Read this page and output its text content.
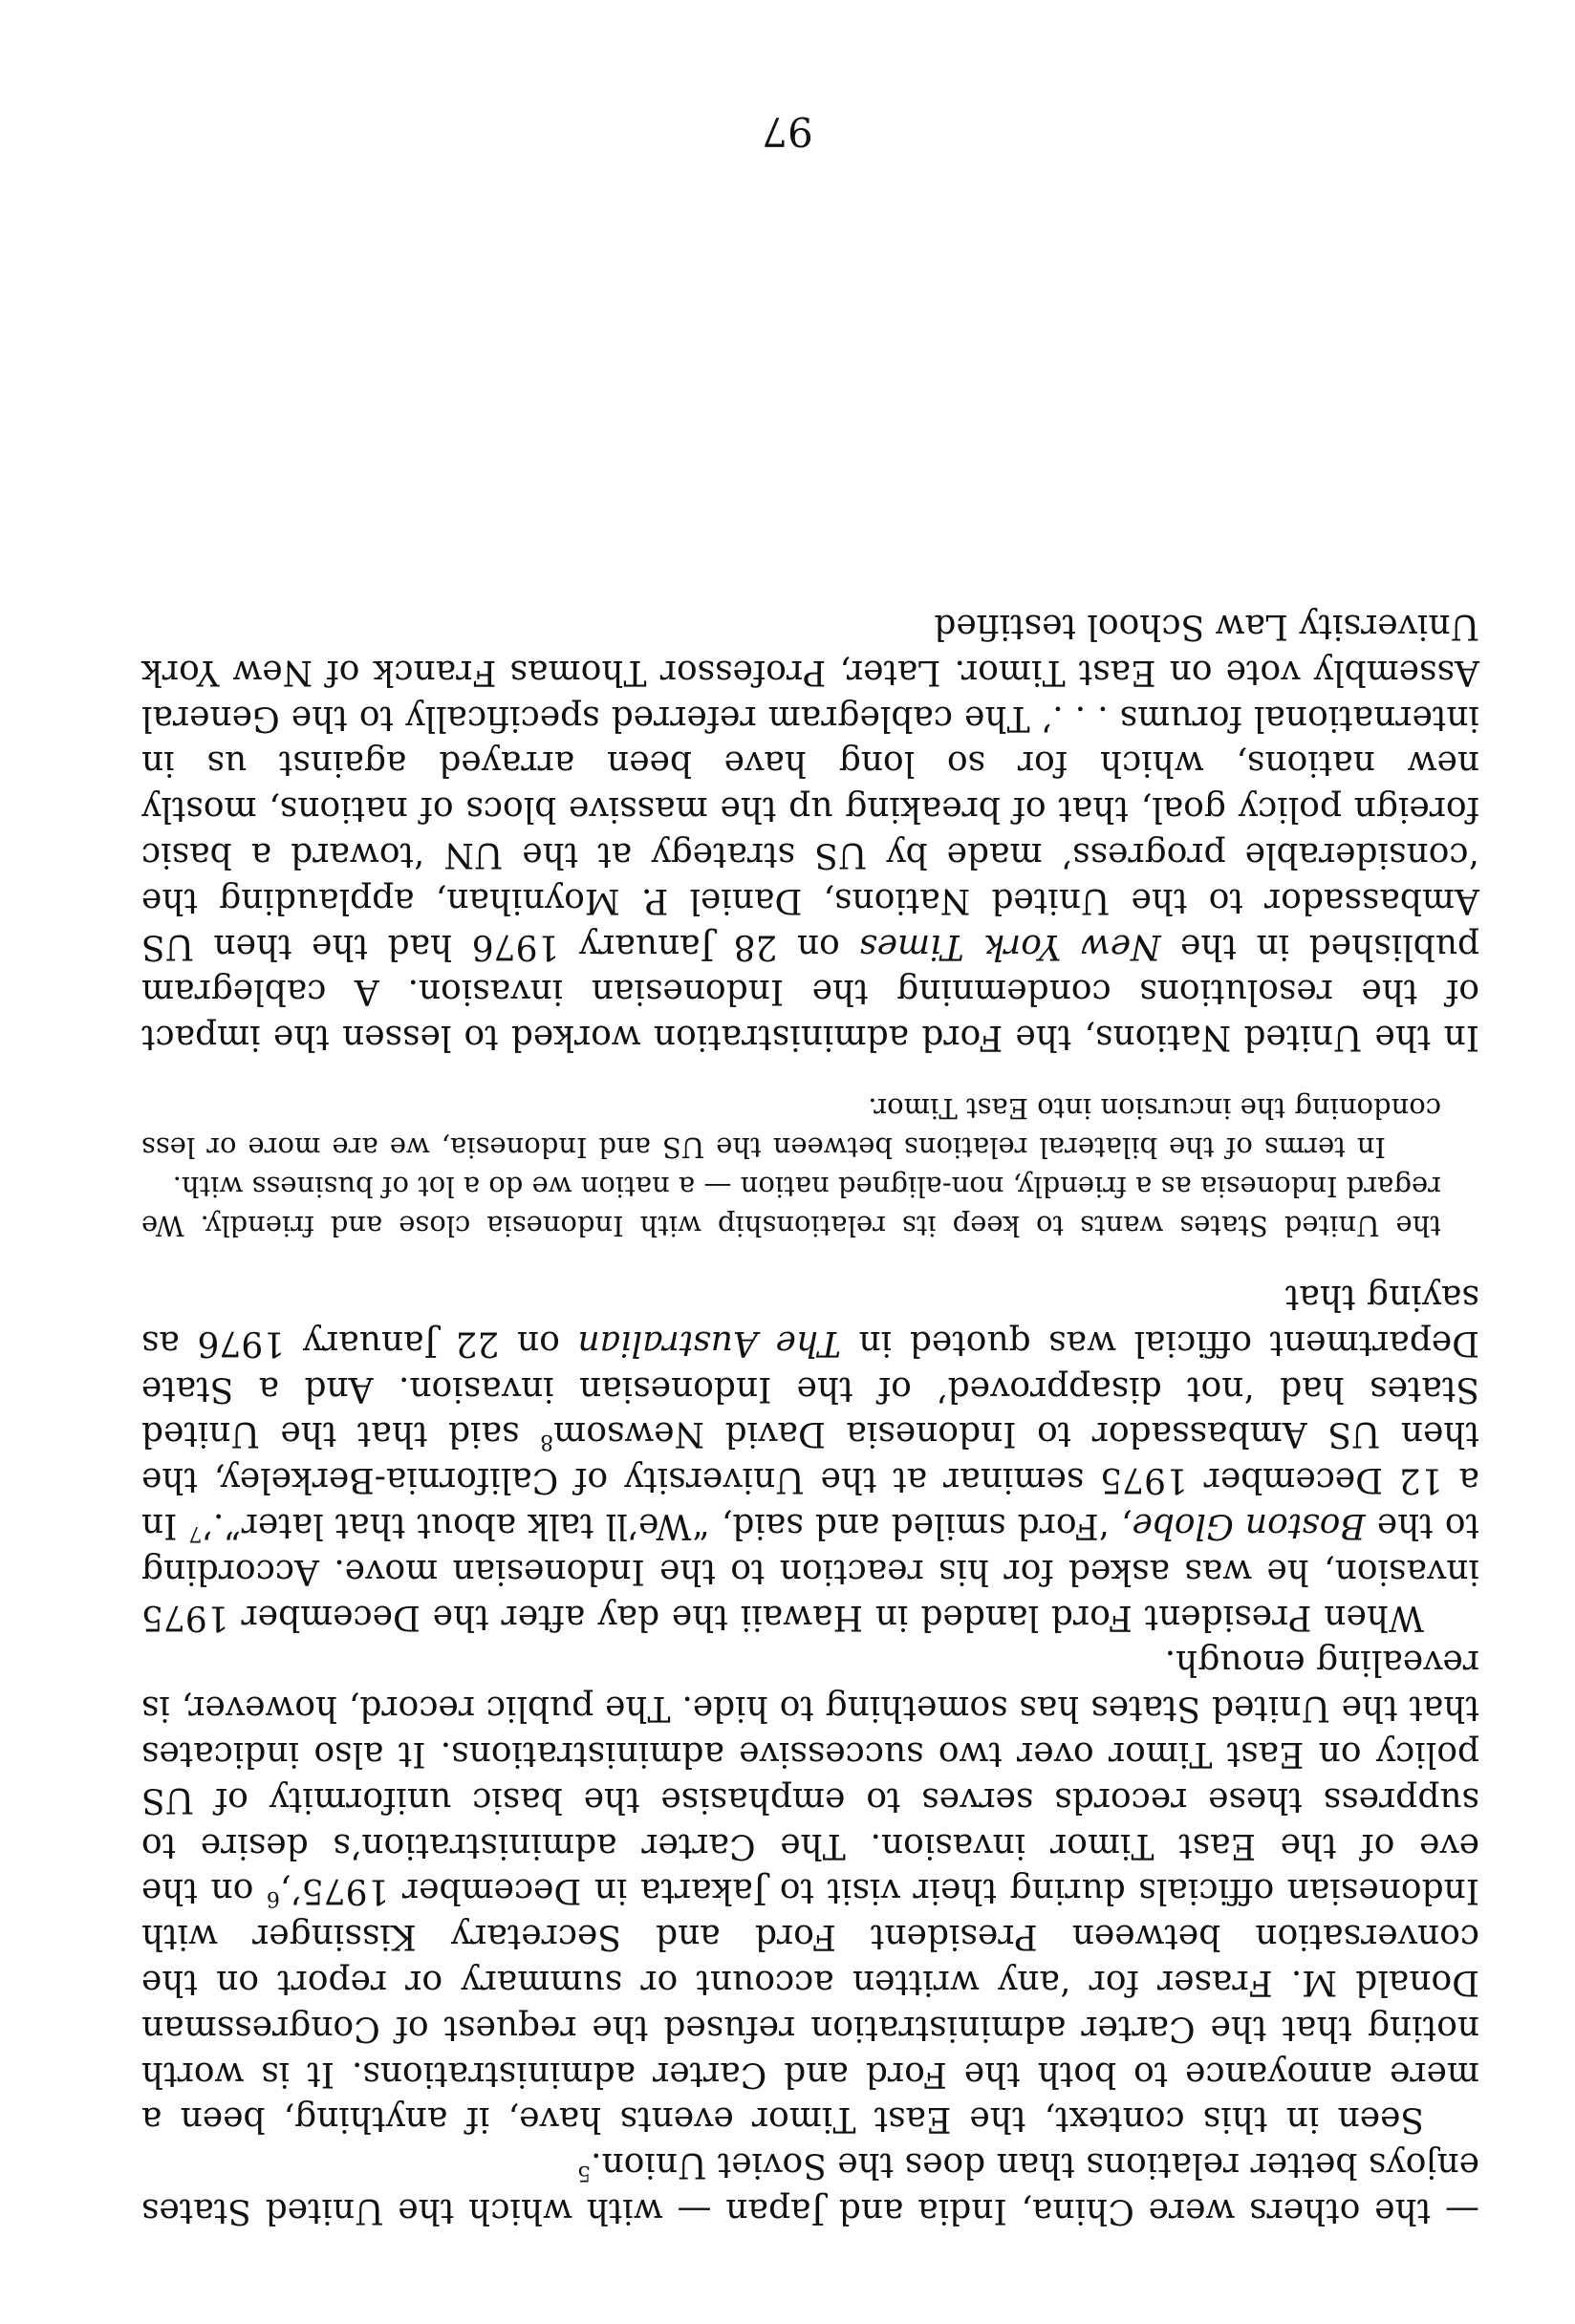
— the others were China, India and Japan — with which the United States enjoys better relations than does the Soviet Union.$^5$

Seen in this context, the East Timor events have, if anything, been a mere annoyance to both the Ford and Carter administrations. It is worth noting that the Carter administration refused the request of Congressman Donald M. Fraser for ‘any written account or summary or report on the conversation between President Ford and Secretary Kissinger with Indonesian officials during their visit to Jakarta in December 1975’,$^6$ on the eve of the East Timor invasion. The Carter administration’s desire to suppress these records serves to emphasise the basic uniformity of US policy on East Timor over two successive administrations. It also indicates that the United States has something to hide. The public record, however, is revealing enough.

When President Ford landed in Hawaii the day after the December 1975 invasion, he was asked for his reaction to the Indonesian move. According to the Boston Globe, ‘Ford smiled and said, “We’ll talk about that later”.’$^7$ In a 12 December 1975 seminar at the University of California-Berkeley, the then US Ambassador to Indonesia David Newsom$^8$ said that the United States had ‘not disapproved’ of the Indonesian invasion. And a State Department official was quoted in The Australian on 22 January 1976 as saying that

the United States wants to keep its relationship with Indonesia close and friendly. We regard Indonesia as a friendly, non-aligned nation — a nation we do a lot of business with.

In terms of the bilateral relations between the US and Indonesia, we are more or less condoning the incursion into East Timor.

In the United Nations, the Ford administration worked to lessen the impact of the resolutions condemning the Indonesian invasion. A cablegram published in the New York Times on 28 January 1976 had the then US Ambassador to the United Nations, Daniel P. Moynihan, applauding the ‘considerable progress’ made by US strategy at the UN ‘toward a basic foreign policy goal, that of breaking up the massive blocs of nations, mostly new nations, which for so long have been arrayed against us in international forums . . .’ The cablegram referred specifically to the General Assembly vote on East Timor. Later, Professor Thomas Franck of New York University Law School testified

97
